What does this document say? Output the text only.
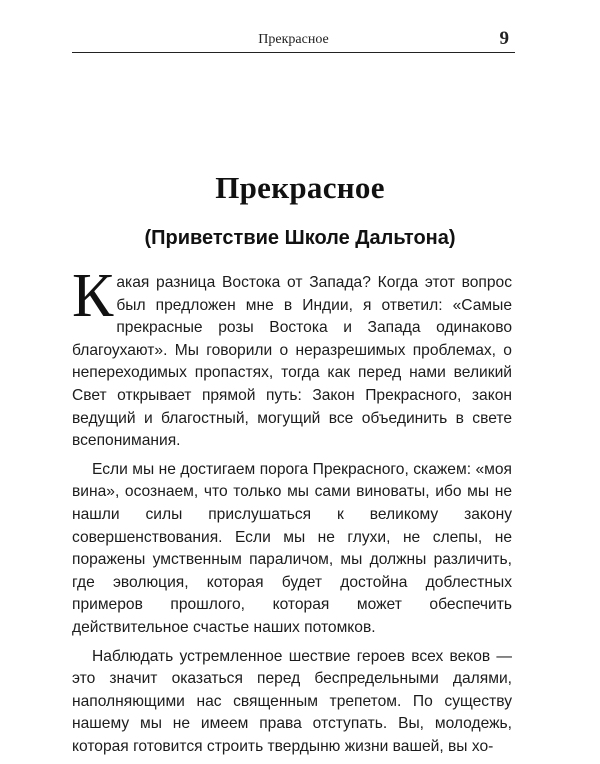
Прекрасное	9
Прекрасное
(Приветствие Школе Дальтона)

Какая разница Востока от Запада? Когда этот вопрос был предложен мне в Индии, я ответил: «Самые прекрасные розы Востока и Запада одинаково благоухают». Мы говорили о неразрешимых проблемах, о непереходимых пропастях, тогда как перед нами великий Свет открывает прямой путь: Закон Прекрасного, закон ведущий и благостный, могущий все объединить в свете всепонимания.

Если мы не достигаем порога Прекрасного, скажем: «моя вина», осознаем, что только мы сами виноваты, ибо мы не нашли силы прислушаться к великому закону совершенствования. Если мы не глухи, не слепы, не поражены умственным параличом, мы должны различить, где эволюция, которая будет достойна доблестных примеров прошлого, которая может обеспечить действительное счастье наших потомков.

Наблюдать устремленное шествие героев всех веков — это значит оказаться перед беспредельными далями, наполняющими нас священным трепетом. По существу нашему мы не имеем права отступать. Вы, молодежь, которая готовится строить твердыню жизни вашей, вы хо-
